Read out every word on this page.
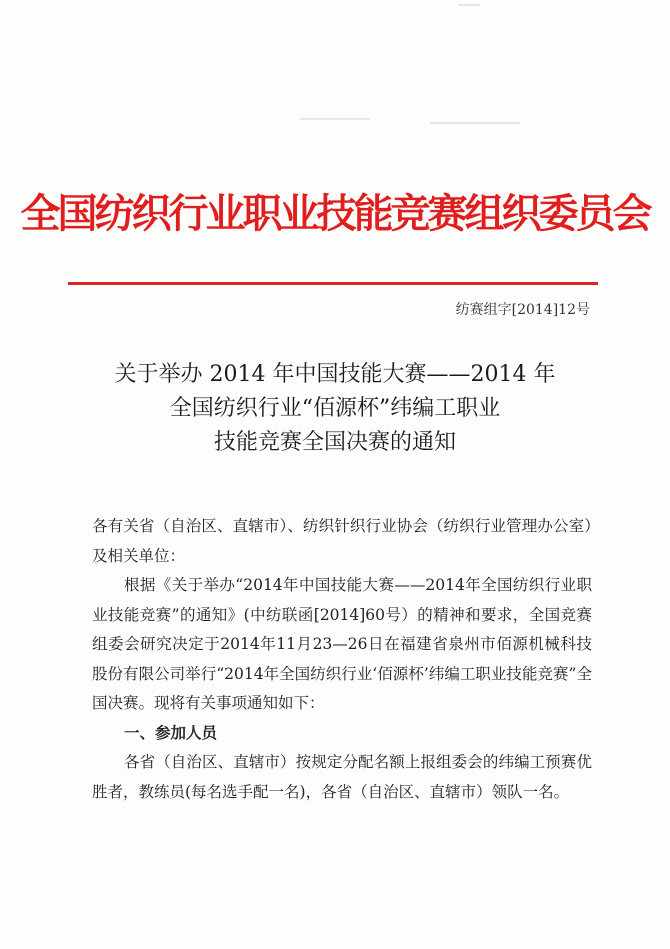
全国纺织行业职业技能竞赛组织委员会
纺赛组字[2014]12号
关于举办 2014 年中国技能大赛——2014 年
全国纺织行业“佰源杯”纬编工职业
技能竞赛全国决赛的通知

各有关省（自治区、直辖市）、纺织针织行业协会（纺织行业管理办公室）及相关单位：

根据《关于举办“2014年中国技能大赛——2014年全国纺织行业职业技能竞赛”的通知》(中纺联函[2014]60号）的精神和要求，全国竞赛组委会研究决定于2014年11月23—26日在福建省泉州市佰源机械科技股份有限公司举行“2014年全国纺织行业‘佰源杯’纬编工职业技能竞赛”全国决赛。现将有关事项通知如下：

一、参加人员

各省（自治区、直辖市）按规定分配名额上报组委会的纬编工预赛优胜者，教练员(每名选手配一名)，各省（自治区、直辖市）领队一名。
